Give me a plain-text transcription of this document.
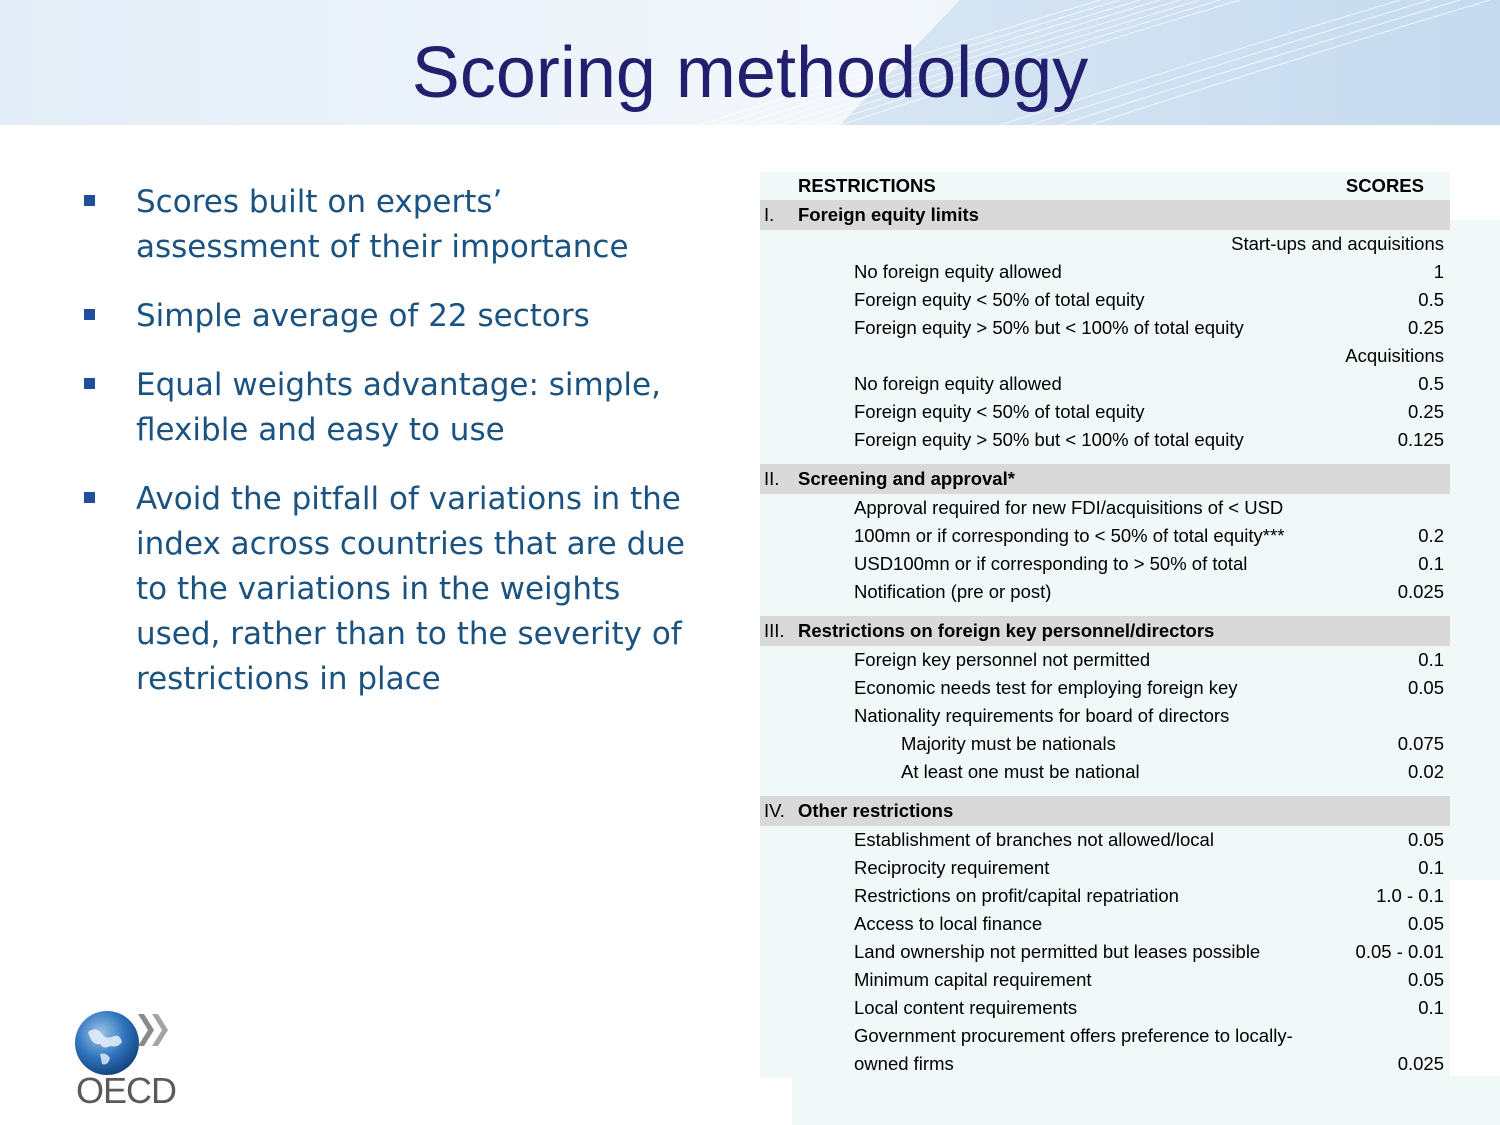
Scoring methodology
Scores built on experts’ assessment of their importance
Simple average of 22 sectors
Equal weights advantage: simple, flexible and easy to use
Avoid the pitfall of variations in the index across countries that are due to the variations in the weights used, rather than to the severity of restrictions in place
RESTRICTIONS	SCORES
I. Foreign equity limits
Start-ups and acquisitions
No foreign equity allowed	1
Foreign equity < 50% of total equity	0.5
Foreign equity > 50% but < 100% of total equity	0.25
Acquisitions
No foreign equity allowed	0.5
Foreign equity < 50% of total equity	0.25
Foreign equity > 50% but < 100% of total equity	0.125
II. Screening and approval*
Approval required for new FDI/acquisitions of < USD
100mn or if corresponding to < 50% of total equity***	0.2
USD100mn or if corresponding to > 50% of total	0.1
Notification (pre or post)	0.025
III. Restrictions on foreign key personnel/directors
Foreign key personnel not permitted	0.1
Economic needs test for employing foreign key	0.05
Nationality requirements for board of directors
Majority must be nationals	0.075
At least one must be national	0.02
IV. Other restrictions
Establishment of branches not allowed/local	0.05
Reciprocity requirement	0.1
Restrictions on profit/capital repatriation	1.0 - 0.1
Access to local finance	0.05
Land ownership not permitted but leases possible	0.05 - 0.01
Minimum capital requirement	0.05
Local content requirements	0.1
Government procurement offers preference to locally-
owned firms	0.025
OECD
